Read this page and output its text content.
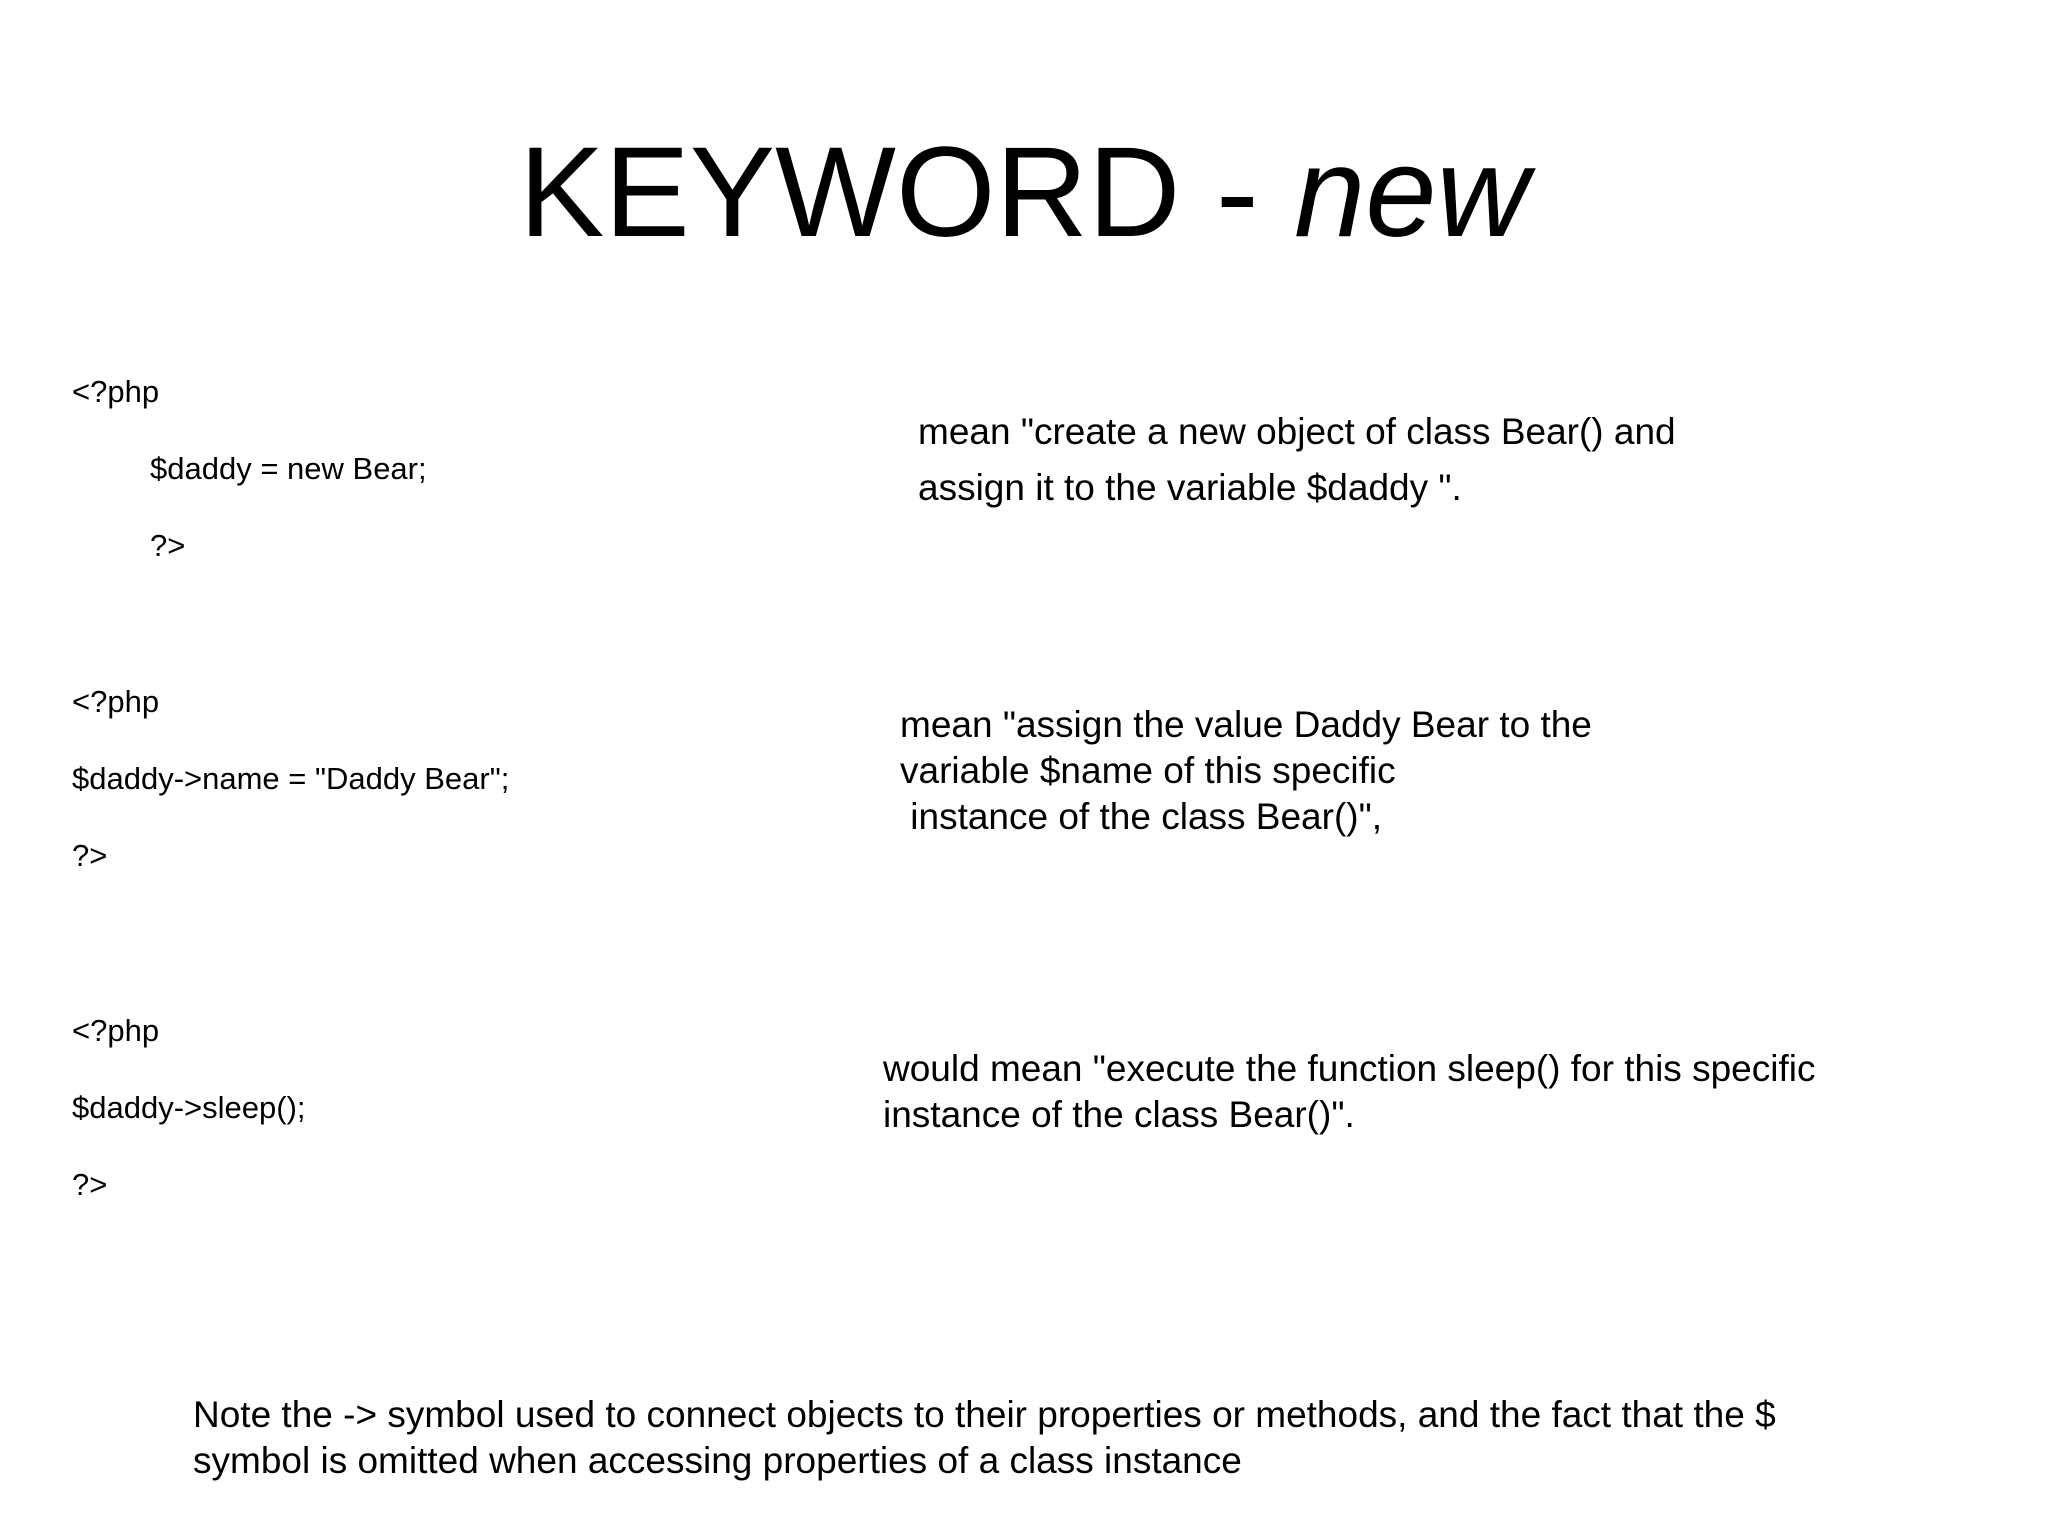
KEYWORD - new
<?php
$daddy = new Bear;
?>
mean "create a new object of class Bear() and
assign it to the variable $daddy ".
<?php
$daddy->name = "Daddy Bear";
?>
mean "assign the value Daddy Bear to the
variable $name of this specific
instance of the class Bear()",
<?php
$daddy->sleep();
?>
would mean "execute the function sleep() for this specific
instance of the class Bear()".
Note the -> symbol used to connect objects to their properties or methods, and the fact that the $
symbol is omitted when accessing properties of a class instance
